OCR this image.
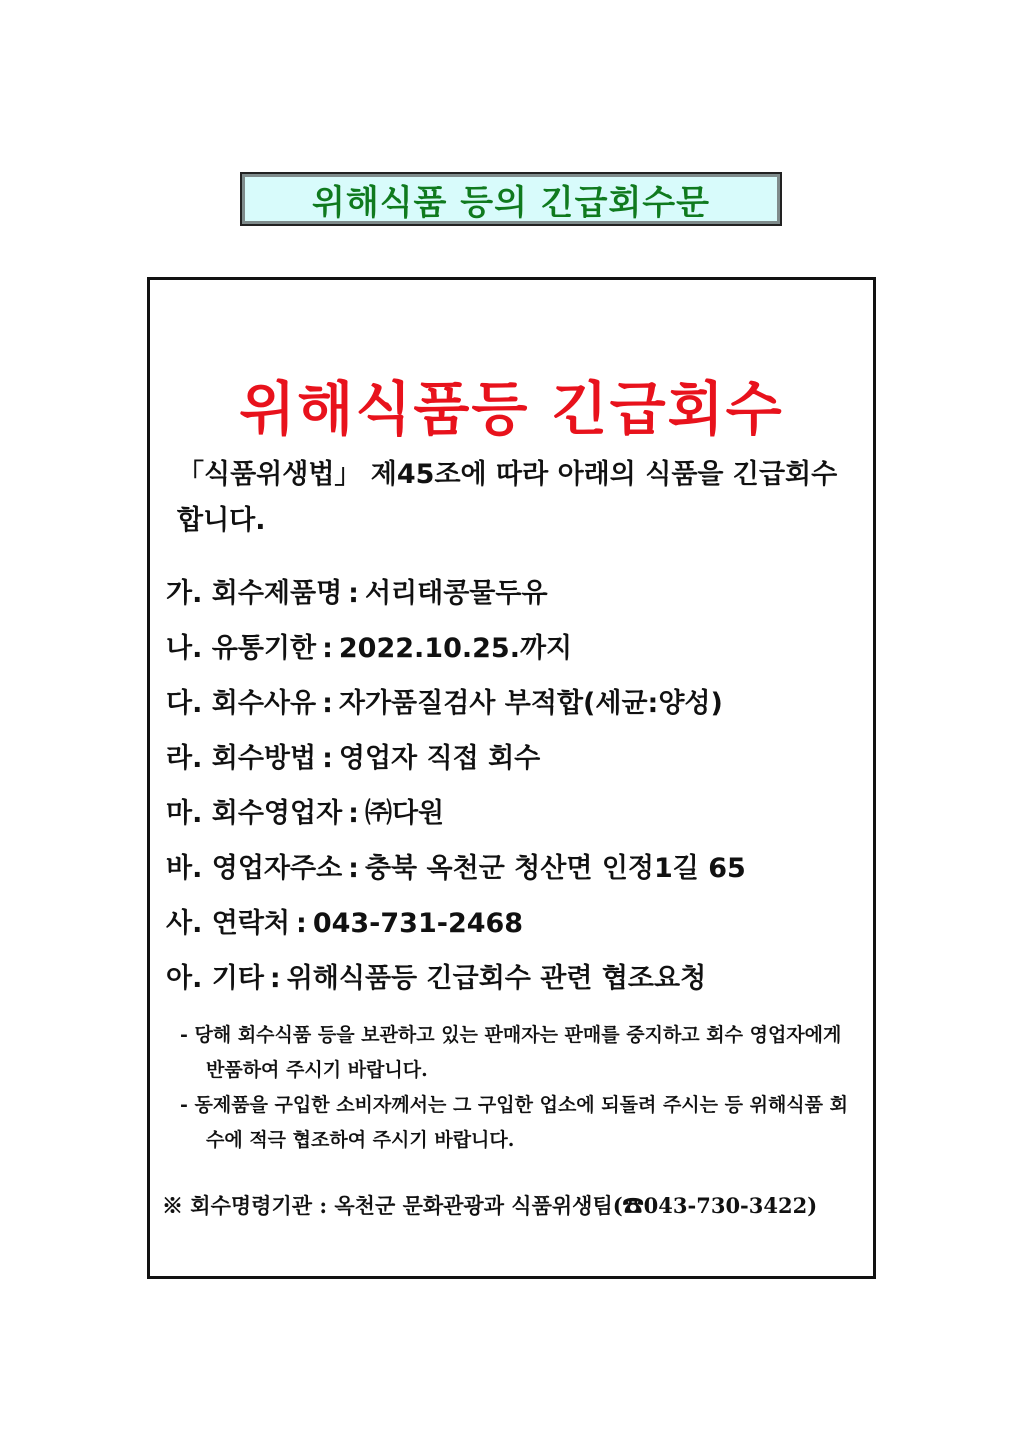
위해식품 등의 긴급회수문
위해식품등 긴급회수
「식품위생법」 제45조에 따라 아래의 식품을 긴급회수 합니다.
가. 회수제품명 : 서리태콩물두유
나. 유통기한 : 2022.10.25.까지
다. 회수사유 : 자가품질검사 부적합(세균:양성)
라. 회수방법 : 영업자 직접 회수
마. 회수영업자 : ㈜다원
바. 영업자주소 : 충북 옥천군 청산면 인정1길 65
사. 연락처 : 043-731-2468
아. 기타 : 위해식품등 긴급회수 관련 협조요청
- 당해 회수식품 등을 보관하고 있는 판매자는 판매를 중지하고 회수 영업자에게 반품하여 주시기 바랍니다.
- 동제품을 구입한 소비자께서는 그 구입한 업소에 되돌려 주시는 등 위해식품 회수에 적극 협조하여 주시기 바랍니다.
※ 회수명령기관 : 옥천군 문화관광과 식품위생팀(☎043-730-3422)
